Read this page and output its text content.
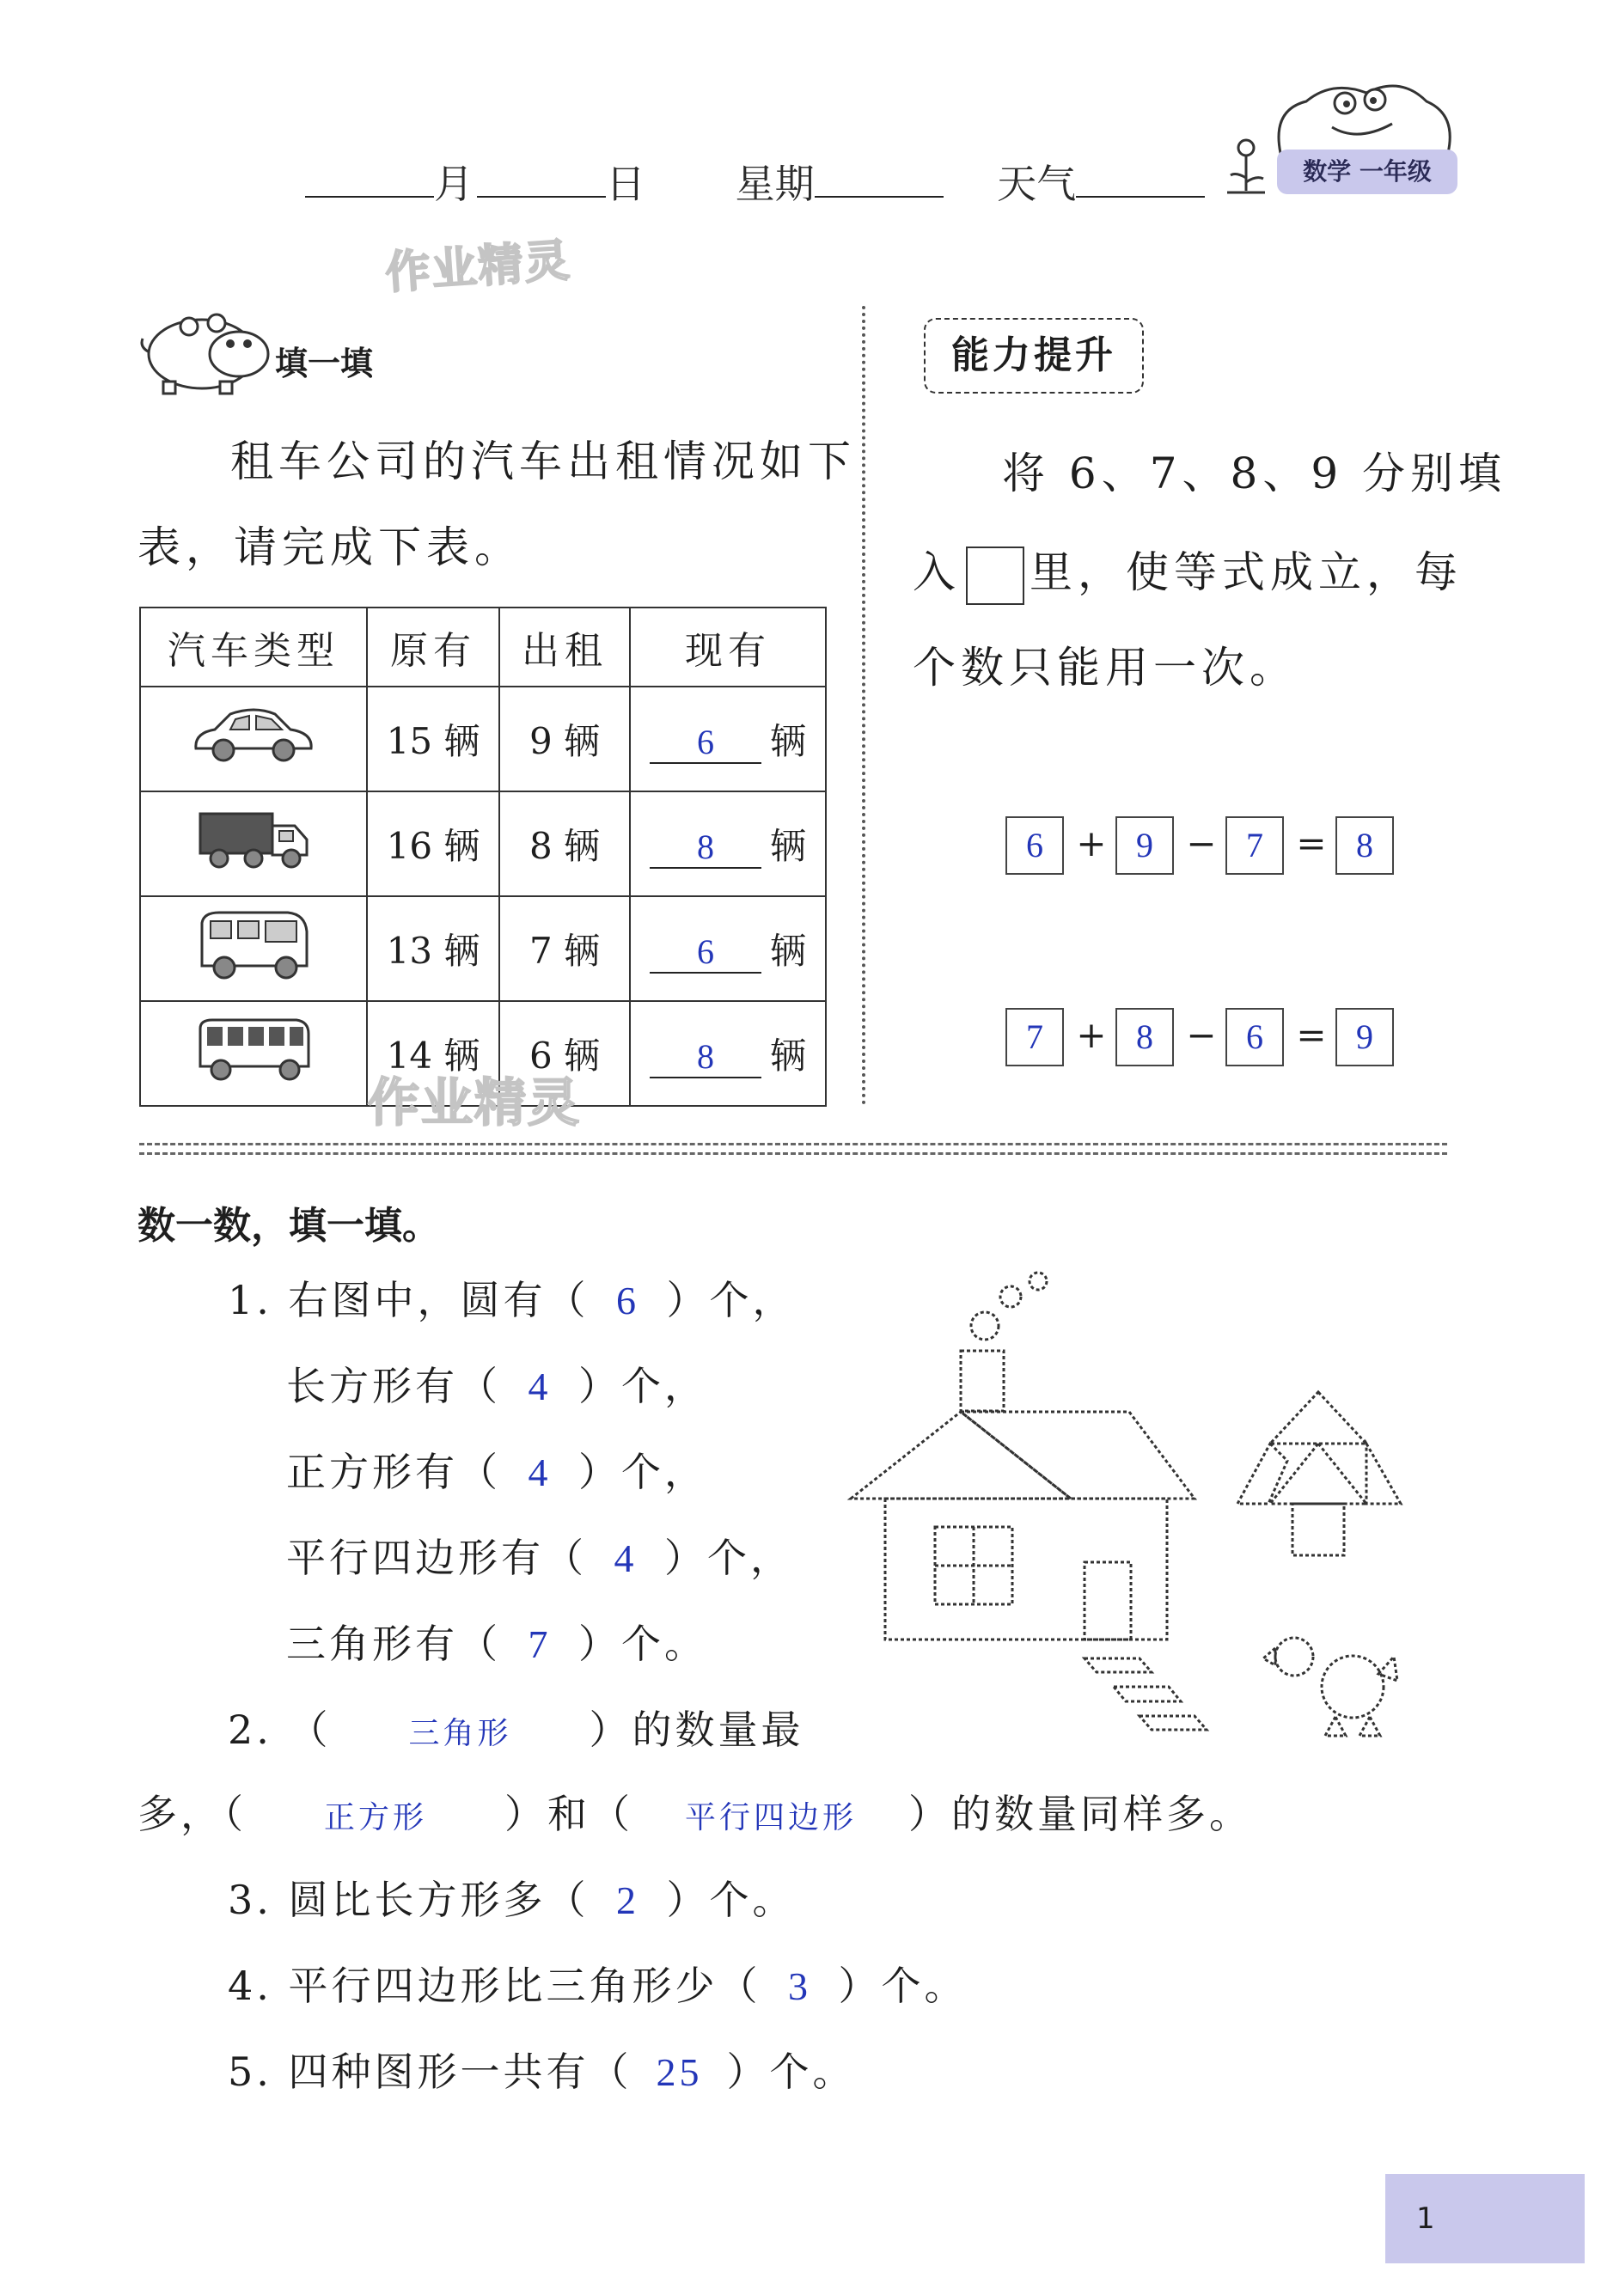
月	日 星期	天气	数学 一年级
作业精灵
填一填
租车公司的汽车出租情况如下
表，请完成下表。
汽车类型	原有	出租	现有
	15 辆	9 辆	6 辆
	16 辆	8 辆	8 辆
	13 辆	7 辆	6 辆
	14 辆	6 辆	8 辆
作业精灵
能力提升
将 6、7、8、9 分别填
入 里，使等式成立，每
个数只能用一次。
6 + 9 − 7 = 8
7 + 8 − 6 = 9
数一数，填一填。
1. 右图中，圆有（ 6 ）个，
长方形有（ 4 ）个，
正方形有（ 4 ）个，
平行四边形有（ 4 ）个，
三角形有（ 7 ）个。
2. （ 三角形 ）的数量最
多，（ 正方形 ）和（ 平行四边形 ）的数量同样多。
3. 圆比长方形多（ 2 ）个。
4. 平行四边形比三角形少（ 3 ）个。
5. 四种图形一共有（ 25 ）个。
1
